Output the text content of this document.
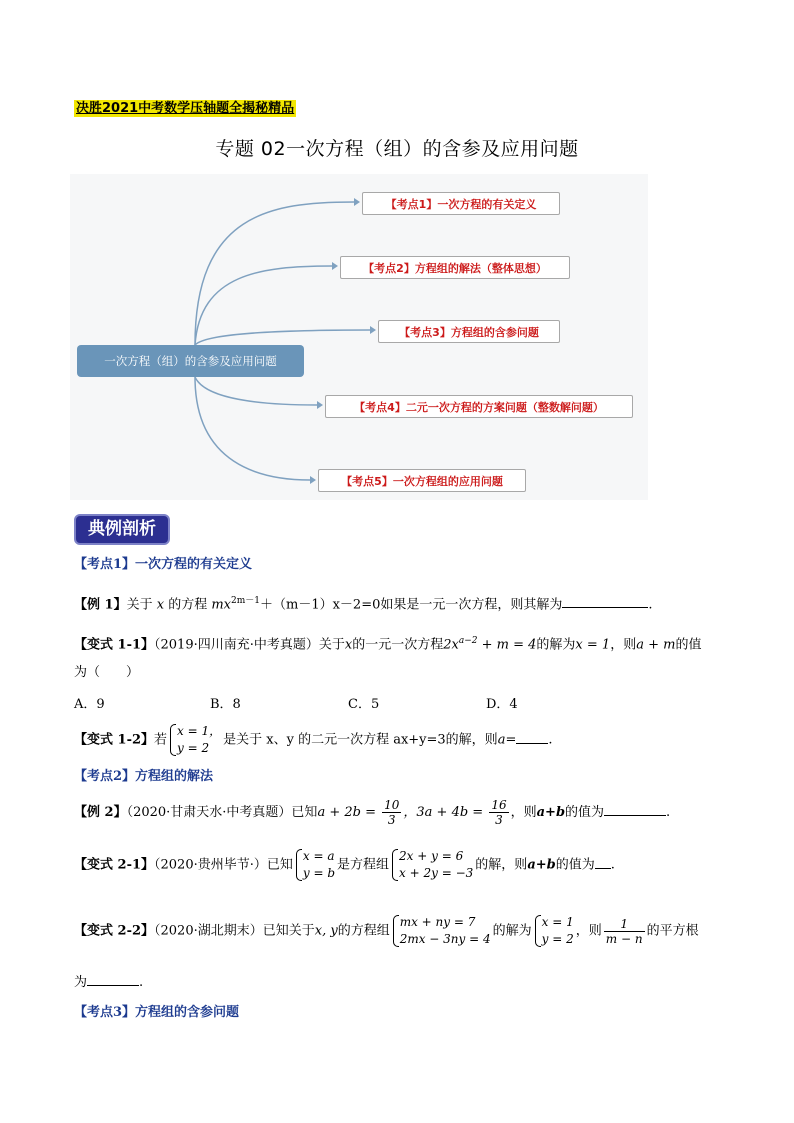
决胜2021中考数学压轴题全揭秘精品
专题 02一次方程（组）的含参及应用问题
一次方程（组）的含参及应用问题
【考点1】一次方程的有关定义
【考点2】方程组的解法（整体思想）
【考点3】方程组的含参问题
【考点4】二元一次方程的方案问题（整数解问题）
【考点5】一次方程组的应用问题
典例剖析
【考点1】一次方程的有关定义
【例 1】关于 x 的方程 $mx^{2m-1}+(m-1)x-2=0$如果是一元一次方程，则其解为	.
【变式 1-1】（2019·四川南充·中考真题）关于x的一元一次方程$2x^{a-2} + m = 4$的解为x = 1，则a + m的值
为（　　）
A．9	B．8	C．5	D．4
【变式 1-2】若
x = 1，
y = 2
是关于 x、y 的二元一次方程 ax+y=3的解，则a= .
【考点2】方程组的解法
【例 2】（2020·甘肃天水·中考真题）已知$a + 2b = \frac{10}{3}$ ，$3a + 4b = \frac{16}{3}$ ，则a+b的值为	.
【变式 2-1】（2020·贵州毕节·）已知
x = a
y = b
是方程组
2x + y = 6
x + 2y = −3
的解，则a+b的值为 .
【变式 2-2】（2020·湖北期末）已知关于x, y的方程组
mx + ny = 7
2mx − 3ny = 4
的解为
x = 1
y = 2
，则 $\frac{1}{m - n}$ 的平方根
为	.
【考点3】方程组的含参问题
